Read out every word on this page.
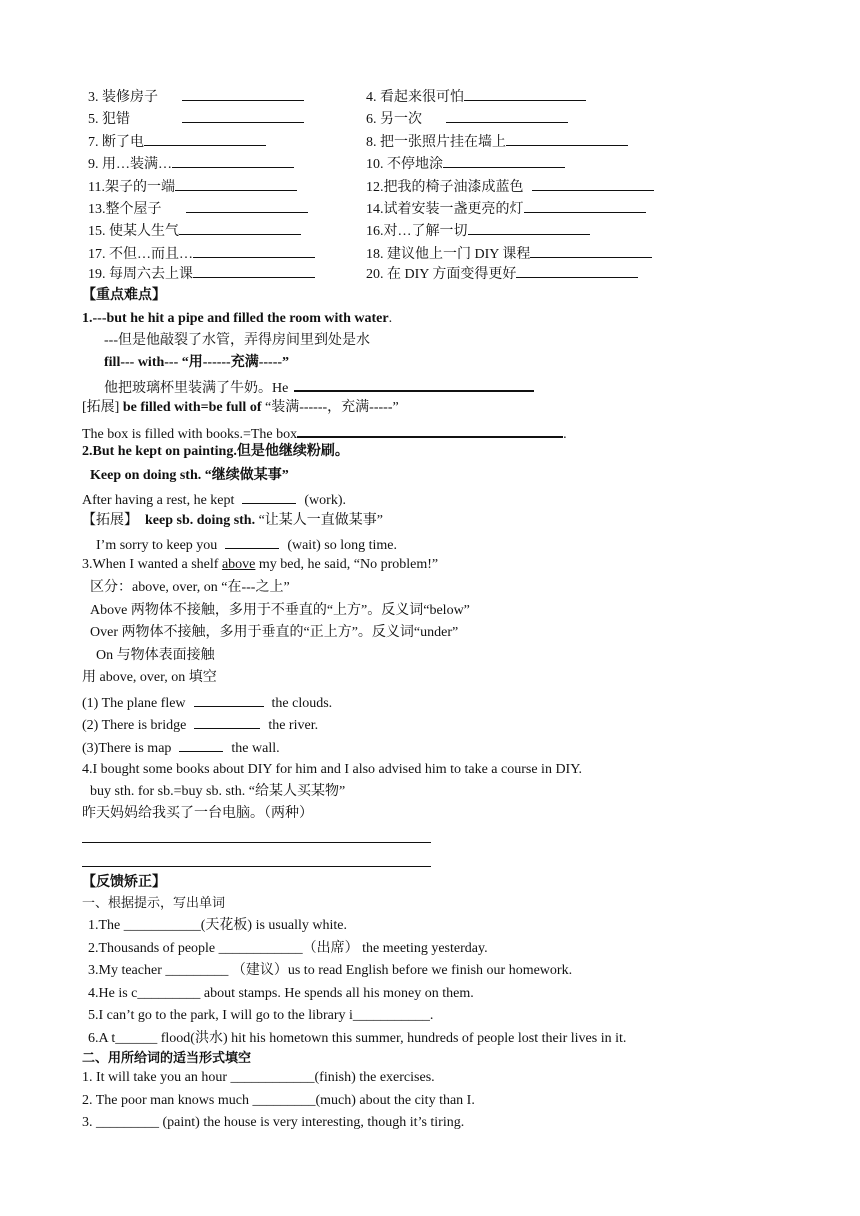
3. 装修房子	4. 看起来很可怕
5. 犯错	6. 另一次
7. 断了电	8. 把一张照片挂在墙上
9. 用…装满…	10. 不停地涂
11.架子的一端	12.把我的椅子油漆成蓝色
13.整个屋子	14.试着安装一盏更亮的灯
15. 使某人生气	16.对…了解一切
17. 不但…而且…	18. 建议他上一门 DIY 课程
19. 每周六去上课	20. 在 DIY 方面变得更好
【重点难点】
1.---but he hit a pipe and filled the room with water.
---但是他敲裂了水管，弄得房间里到处是水
fill--- with--- “用------充满-----”
他把玻璃杯里装满了牛奶。He
[拓展] be filled with=be full of “装满------，充满-----”
The box is filled with books.=The box	.
2.But he kept on painting.但是他继续粉刷。
Keep on doing sth. “继续做某事”
After having a rest, he kept	(work).
【拓展】 keep sb. doing sth. “让某人一直做某事”
I’m sorry to keep you	(wait) so long time.
3.When I wanted a shelf above my bed, he said, “No problem!”
区分：above, over, on “在---之上”
Above 两物体不接触，多用于不垂直的“上方”。反义词“below”
Over 两物体不接触，多用于垂直的“正上方”。反义词“under”
On 与物体表面接触
用 above, over, on 填空
(1) The plane flew	the clouds.
(2) There is bridge	the river.
(3)There is map	the wall.
4.I bought some books about DIY for him and I also advised him to take a course in DIY.
buy sth. for sb.=buy sb. sth. “给某人买某物”
昨天妈妈给我买了一台电脑。（两种）
【反馈矫正】
一、根据提示，写出单词
1.The ___________(天花板) is usually white.
2.Thousands of people ____________（出席） the meeting yesterday.
3.My teacher _________ （建议）us to read English before we finish our homework.
4.He is c_________ about stamps. He spends all his money on them.
5.I can’t go to the park, I will go to the library i___________.
6.A t______ flood(洪水) hit his hometown this summer, hundreds of people lost their lives in it.
二、用所给词的适当形式填空
1. It will take you an hour ____________(finish) the exercises.
2. The poor man knows much _________(much) about the city than I.
3. _________ (paint) the house is very interesting, though it’s tiring.
